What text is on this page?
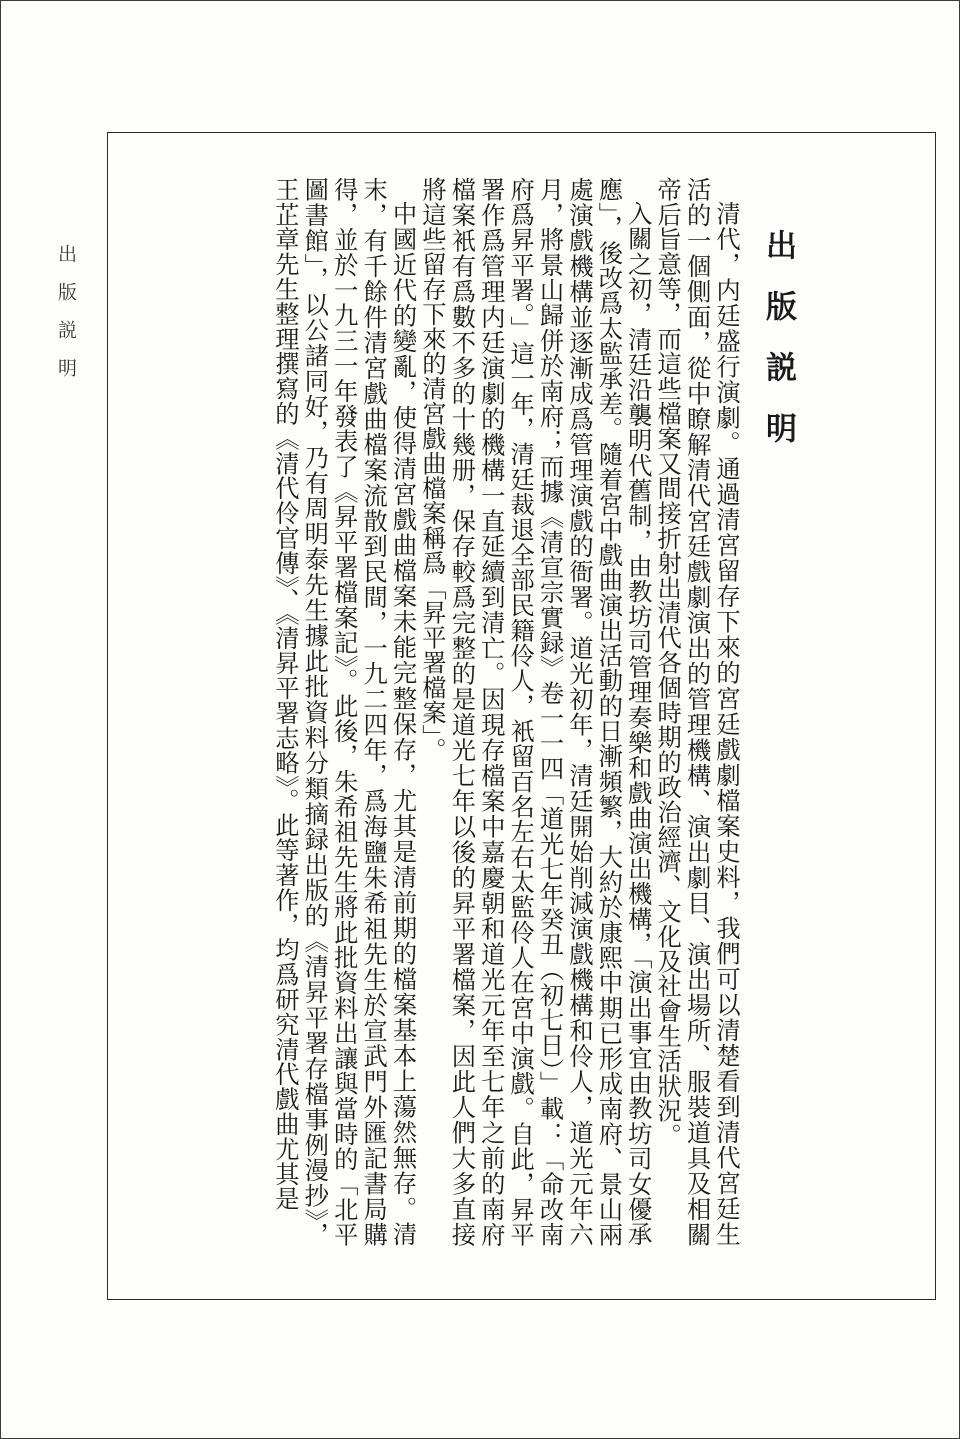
出版説明	出版説明

清代，内廷盛行演劇。通過清宮留存下來的宮廷戲劇檔案史料，我們可以清楚看到清代宮廷生活的一個側面，從中瞭解清代宮廷戲劇演出的管理機構、演出劇目、演出場所、服裝道具及相關帝后旨意等，而這些檔案又間接折射出清代各個時期的政治經濟、文化及社會生活狀況。

入關之初，清廷沿襲明代舊制，由教坊司管理奏樂和戲曲演出機構，「演出事宜由教坊司女優承應」，後改爲太監承差。隨着宮中戲曲演出活動的日漸頻繁，大約於康熙中期已形成南府、景山兩處演戲機構並逐漸成爲管理演戲的衙署。道光初年，清廷開始削減演戲機構和伶人，道光元年六月，將景山歸併於南府；而據《清宣宗實録》卷一一四「道光七年癸丑（初七日）」載：「命改南府爲昇平署。」這一年，清廷裁退全部民籍伶人，衹留百名左右太監伶人在宮中演戲。自此，昇平署作爲管理内廷演劇的機構一直延續到清亡。因現存檔案中嘉慶朝和道光元年至七年之前的南府檔案衹有爲數不多的十幾册，保存較爲完整的是道光七年以後的昇平署檔案，因此人們大多直接將這些留存下來的清宮戲曲檔案稱爲「昇平署檔案」。

中國近代的變亂，使得清宮戲曲檔案未能完整保存，尤其是清前期的檔案基本上蕩然無存。清末，有千餘件清宮戲曲檔案流散到民間，一九二四年，爲海鹽朱希祖先生於宣武門外匯記書局購得，並於一九三一年發表了《昇平署檔案記》。此後，朱希祖先生將此批資料出讓與當時的「北平圖書館」，以公諸同好，乃有周明泰先生據此批資料分類摘録出版的《清昇平署存檔事例漫抄》，王芷章先生整理撰寫的《清代伶官傳》、《清昇平署志略》。此等著作，均爲研究清代戲曲尤其是
